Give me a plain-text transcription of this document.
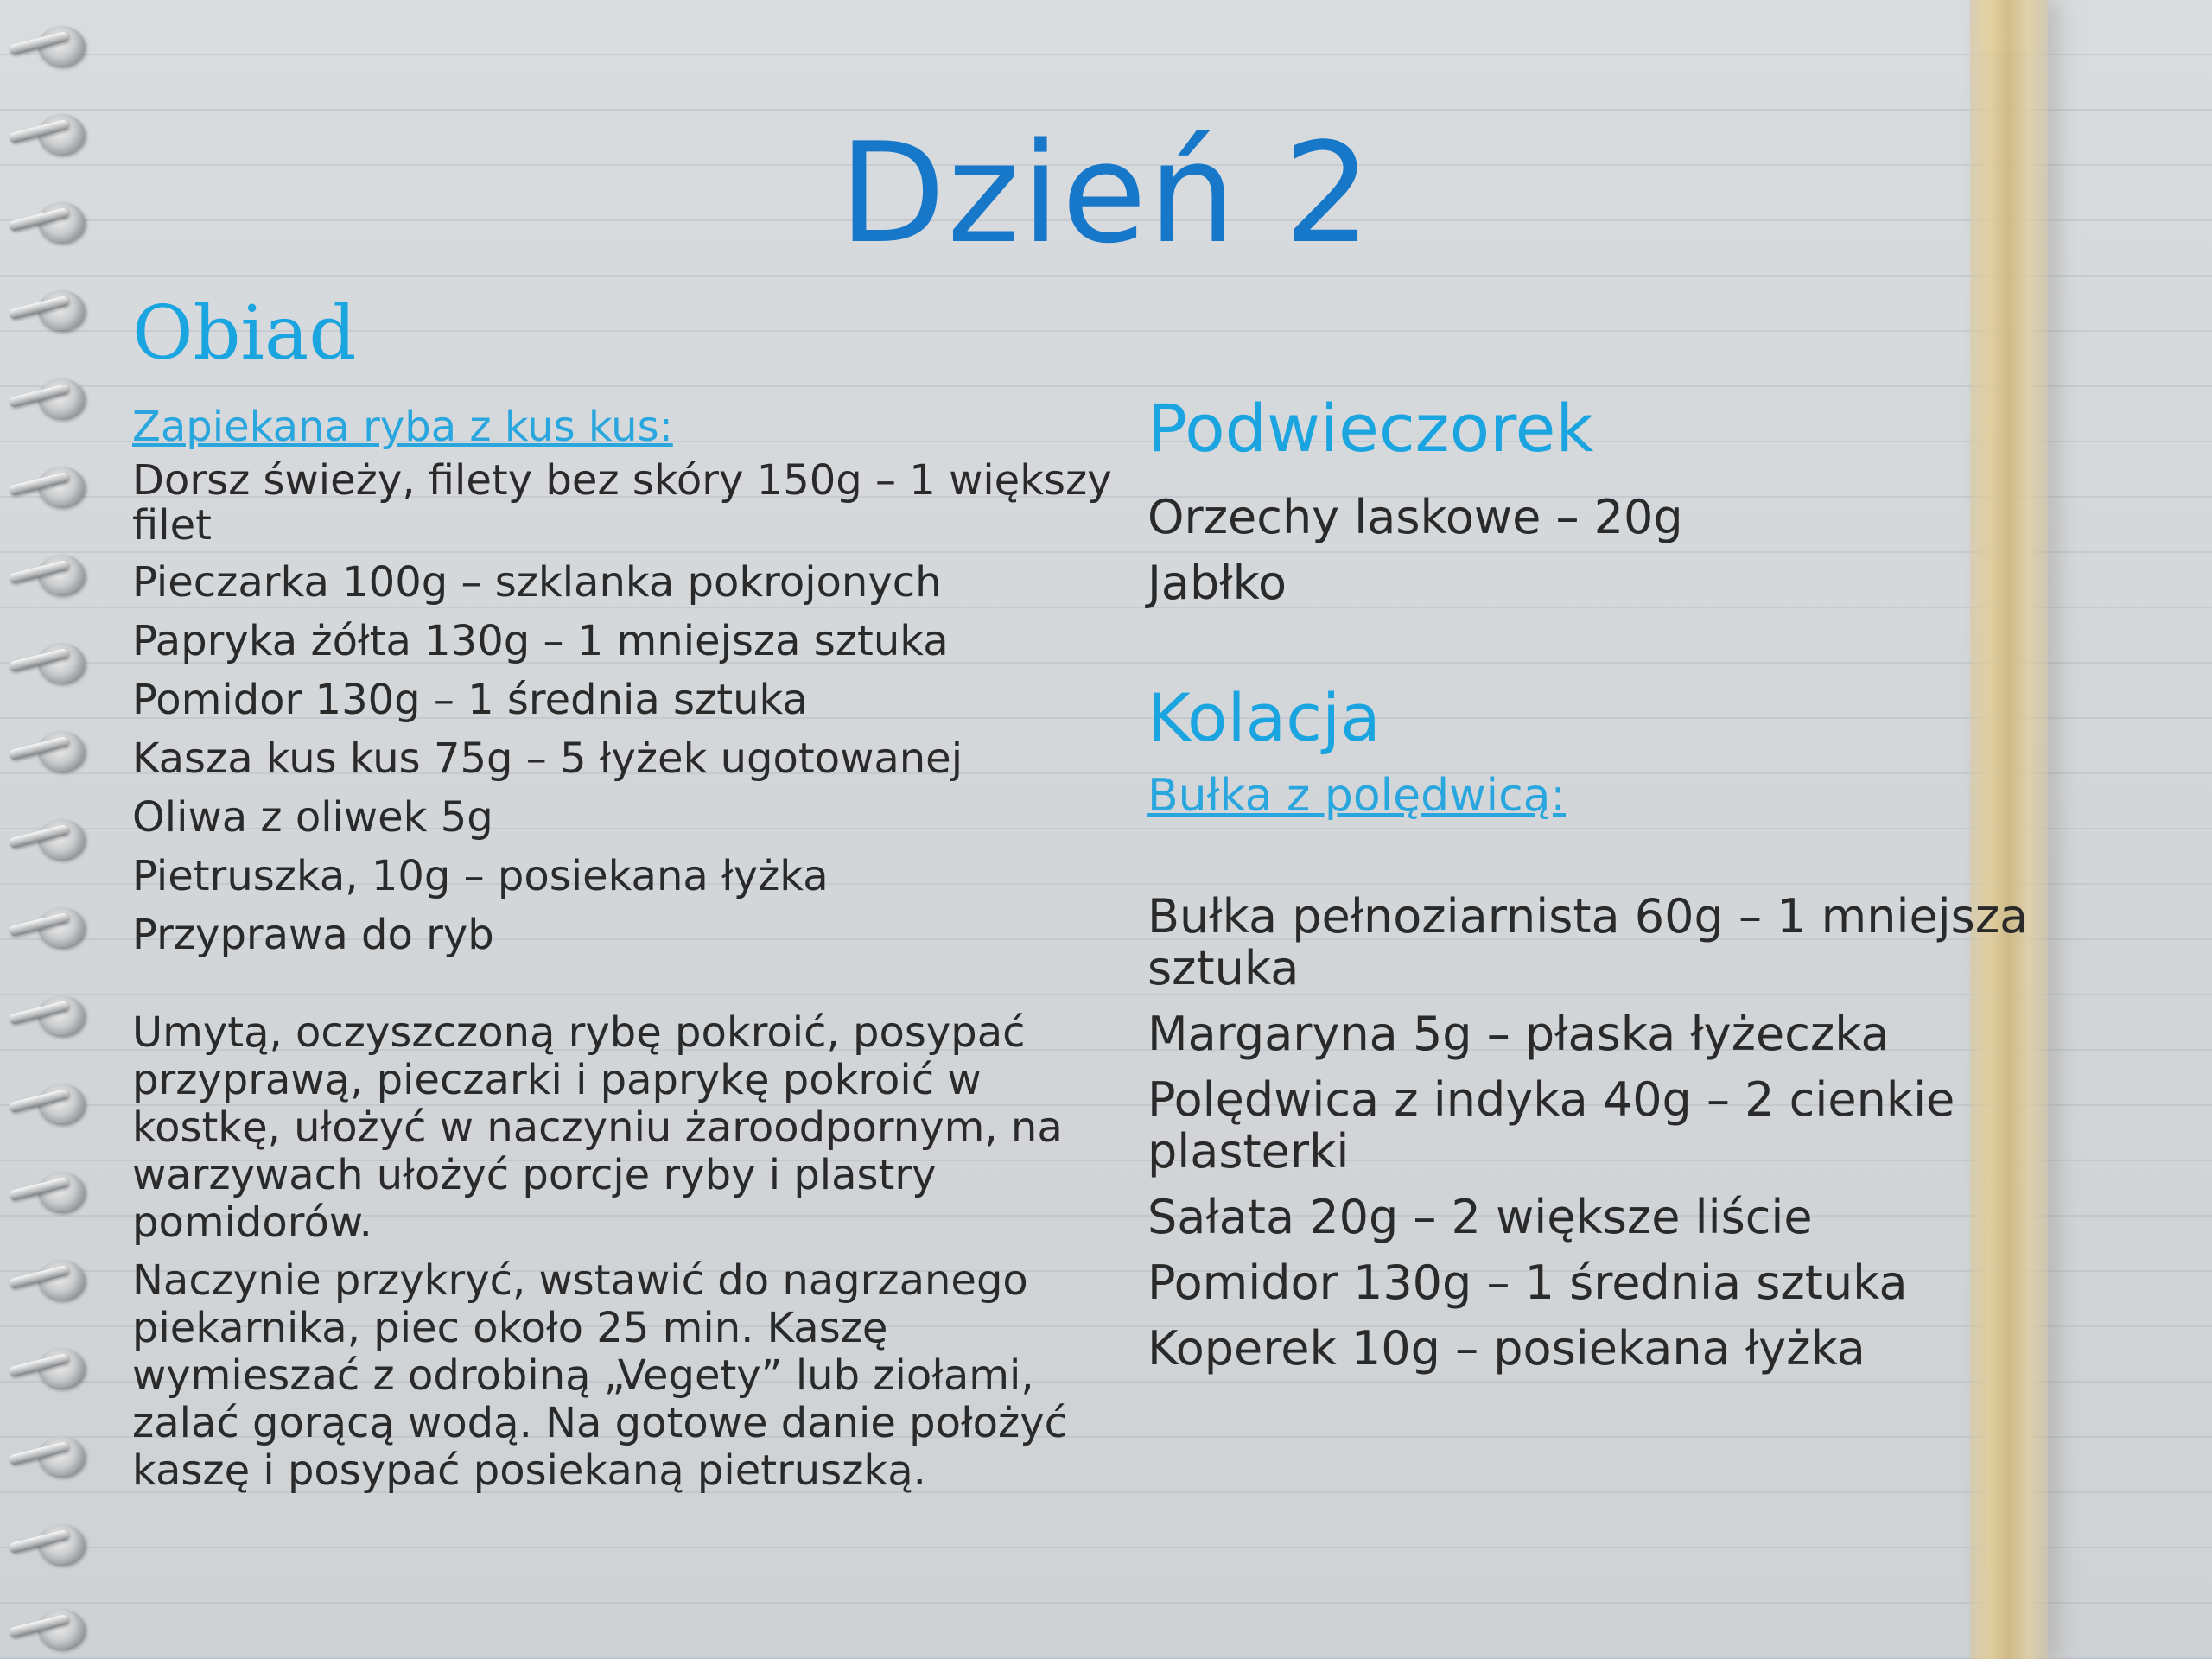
Dzień 2
Obiad
Zapiekana ryba z kus kus:
Dorsz świeży, filety bez skóry 150g – 1 większy filet
Pieczarka 100g – szklanka pokrojonych
Papryka żółta 130g – 1 mniejsza sztuka
Pomidor 130g – 1 średnia sztuka
Kasza kus kus 75g – 5 łyżek ugotowanej
Oliwa z oliwek 5g
Pietruszka, 10g – posiekana łyżka
Przyprawa do ryb

Umytą, oczyszczoną rybę pokroić, posypać przyprawą, pieczarki i paprykę pokroić w kostkę, ułożyć w naczyniu żaroodpornym, na warzywach ułożyć porcje ryby i plastry pomidorów.

Naczynie przykryć, wstawić do nagrzanego piekarnika, piec około 25 min. Kaszę wymieszać z odrobiną „Vegety” lub ziołami, zalać gorącą wodą. Na gotowe danie położyć kaszę i posypać posiekaną pietruszką.

Podwieczorek
Orzechy laskowe – 20g
Jabłko
Kolacja
Bułka z polędwicą:
Bułka pełnoziarnista 60g – 1 mniejsza sztuka
Margaryna 5g – płaska łyżeczka
Polędwica z indyka 40g – 2 cienkie plasterki
Sałata 20g – 2 większe liście
Pomidor 130g – 1 średnia sztuka
Koperek 10g – posiekana łyżka
